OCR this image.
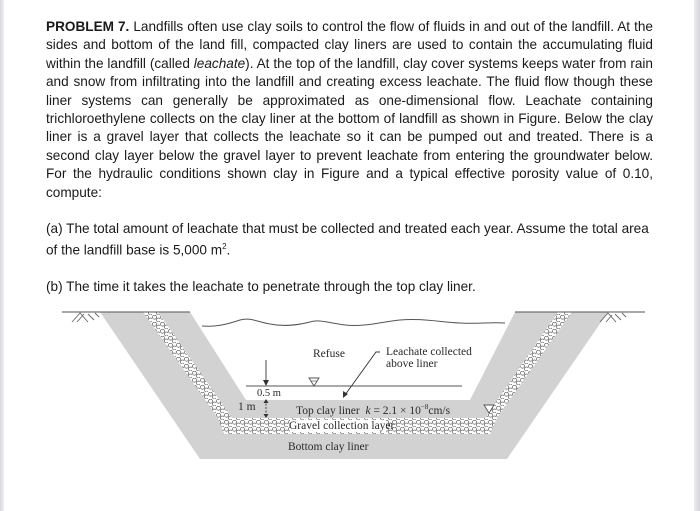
PROBLEM 7. Landfills often use clay soils to control the flow of fluids in and out of the landfill. At the sides and bottom of the land fill, compacted clay liners are used to contain the accumulating fluid within the landfill (called leachate). At the top of the landfill, clay cover systems keeps water from rain and snow from infiltrating into the landfill and creating excess leachate. The fluid flow though these liner systems can generally be approximated as one-dimensional flow. Leachate containing trichloroethylene collects on the clay liner at the bottom of landfill as shown in Figure. Below the clay liner is a gravel layer that collects the leachate so it can be pumped out and treated. There is a second clay layer below the gravel layer to prevent leachate from entering the groundwater below. For the hydraulic conditions shown clay in Figure and a typical effective porosity value of 0.10, compute:

(a) The total amount of leachate that must be collected and treated each year. Assume the total area of the landfill base is 5,000 $m^2$.

(b) The time it takes the leachate to penetrate through the top clay liner.

Refuse	Leachate collected
above liner
0.5 m
1 m	Top clay liner $k = 2.1 \times 10^{-8}cm/s$
Gravel collection layer
Bottom clay liner
